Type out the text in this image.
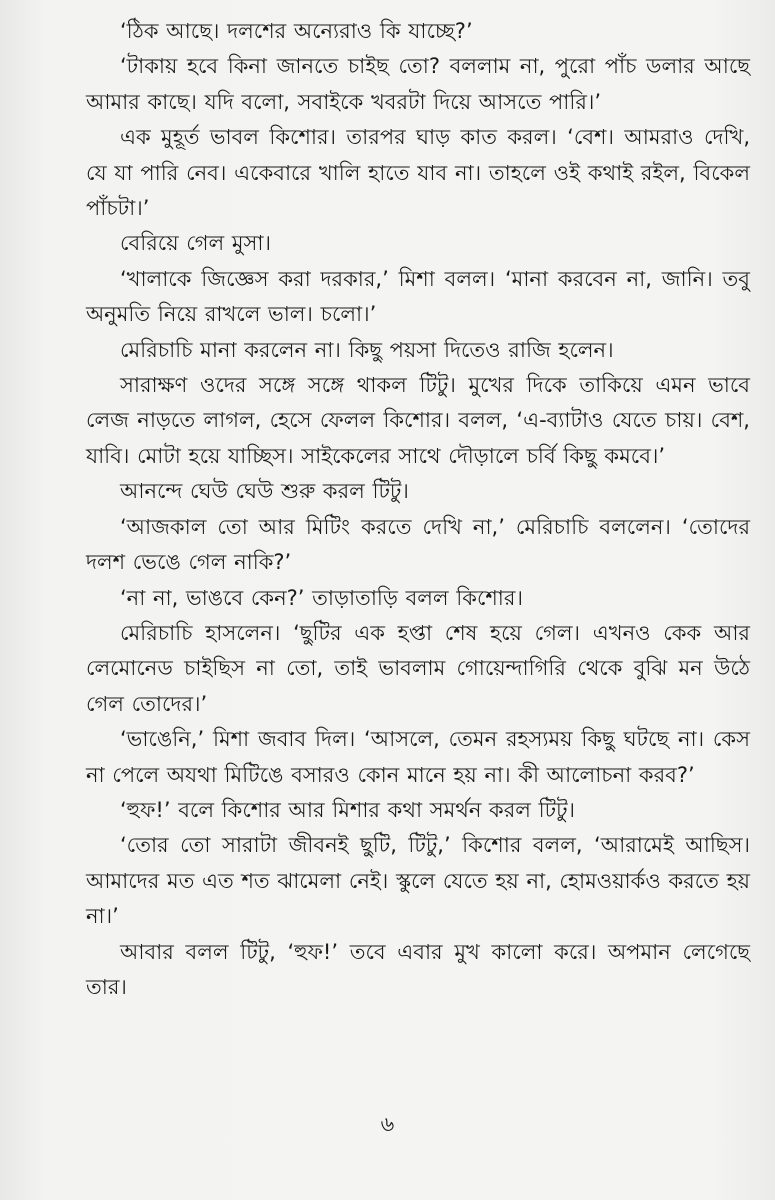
‘ঠিক আছে। দলশের অন্যেরাও কি যাচ্ছে?’

‘টাকায় হবে কিনা জানতে চাইছ তো? বললাম না, পুরো পাঁচ ডলার আছে আমার কাছে। যদি বলো, সবাইকে খবরটা দিয়ে আসতে পারি।’

এক মুহূর্ত ভাবল কিশোর। তারপর ঘাড় কাত করল। ‘বেশ। আমরাও দেখি, যে যা পারি নেব। একেবারে খালি হাতে যাব না। তাহলে ওই কথাই রইল, বিকেল পাঁচটা।’

বেরিয়ে গেল মুসা।

‘খালাকে জিজ্ঞেস করা দরকার,’ মিশা বলল। ‘মানা করবেন না, জানি। তবু অনুমতি নিয়ে রাখলে ভাল। চলো।’

মেরিচাচি মানা করলেন না। কিছু পয়সা দিতেও রাজি হলেন।

সারাক্ষণ ওদের সঙ্গে সঙ্গে থাকল টিটু। মুখের দিকে তাকিয়ে এমন ভাবে লেজ নাড়তে লাগল, হেসে ফেলল কিশোর। বলল, ‘এ-ব্যাটাও যেতে চায়। বেশ, যাবি। মোটা হয়ে যাচ্ছিস। সাইকেলের সাথে দৌড়ালে চর্বি কিছু কমবে।’

আনন্দে ঘেউ ঘেউ শুরু করল টিটু।

‘আজকাল তো আর মিটিং করতে দেখি না,’ মেরিচাচি বললেন। ‘তোদের দলশ ভেঙে গেল নাকি?’

‘না না, ভাঙবে কেন?’ তাড়াতাড়ি বলল কিশোর।

মেরিচাচি হাসলেন। ‘ছুটির এক হপ্তা শেষ হয়ে গেল। এখনও কেক আর লেমোনেড চাইছিস না তো, তাই ভাবলাম গোয়েন্দাগিরি থেকে বুঝি মন উঠে গেল তোদের।’

‘ভাঙেনি,’ মিশা জবাব দিল। ‘আসলে, তেমন রহস্যময় কিছু ঘটছে না। কেস না পেলে অযথা মিটিঙে বসারও কোন মানে হয় না। কী আলোচনা করব?’

‘হুফ!’ বলে কিশোর আর মিশার কথা সমর্থন করল টিটু।

‘তোর তো সারাটা জীবনই ছুটি, টিটু,’ কিশোর বলল, ‘আরামেই আছিস। আমাদের মত এত শত ঝামেলা নেই। স্কুলে যেতে হয় না, হোমওয়ার্কও করতে হয় না।’

আবার বলল টিটু, ‘হুফ!’ তবে এবার মুখ কালো করে। অপমান লেগেছে তার।

৬
